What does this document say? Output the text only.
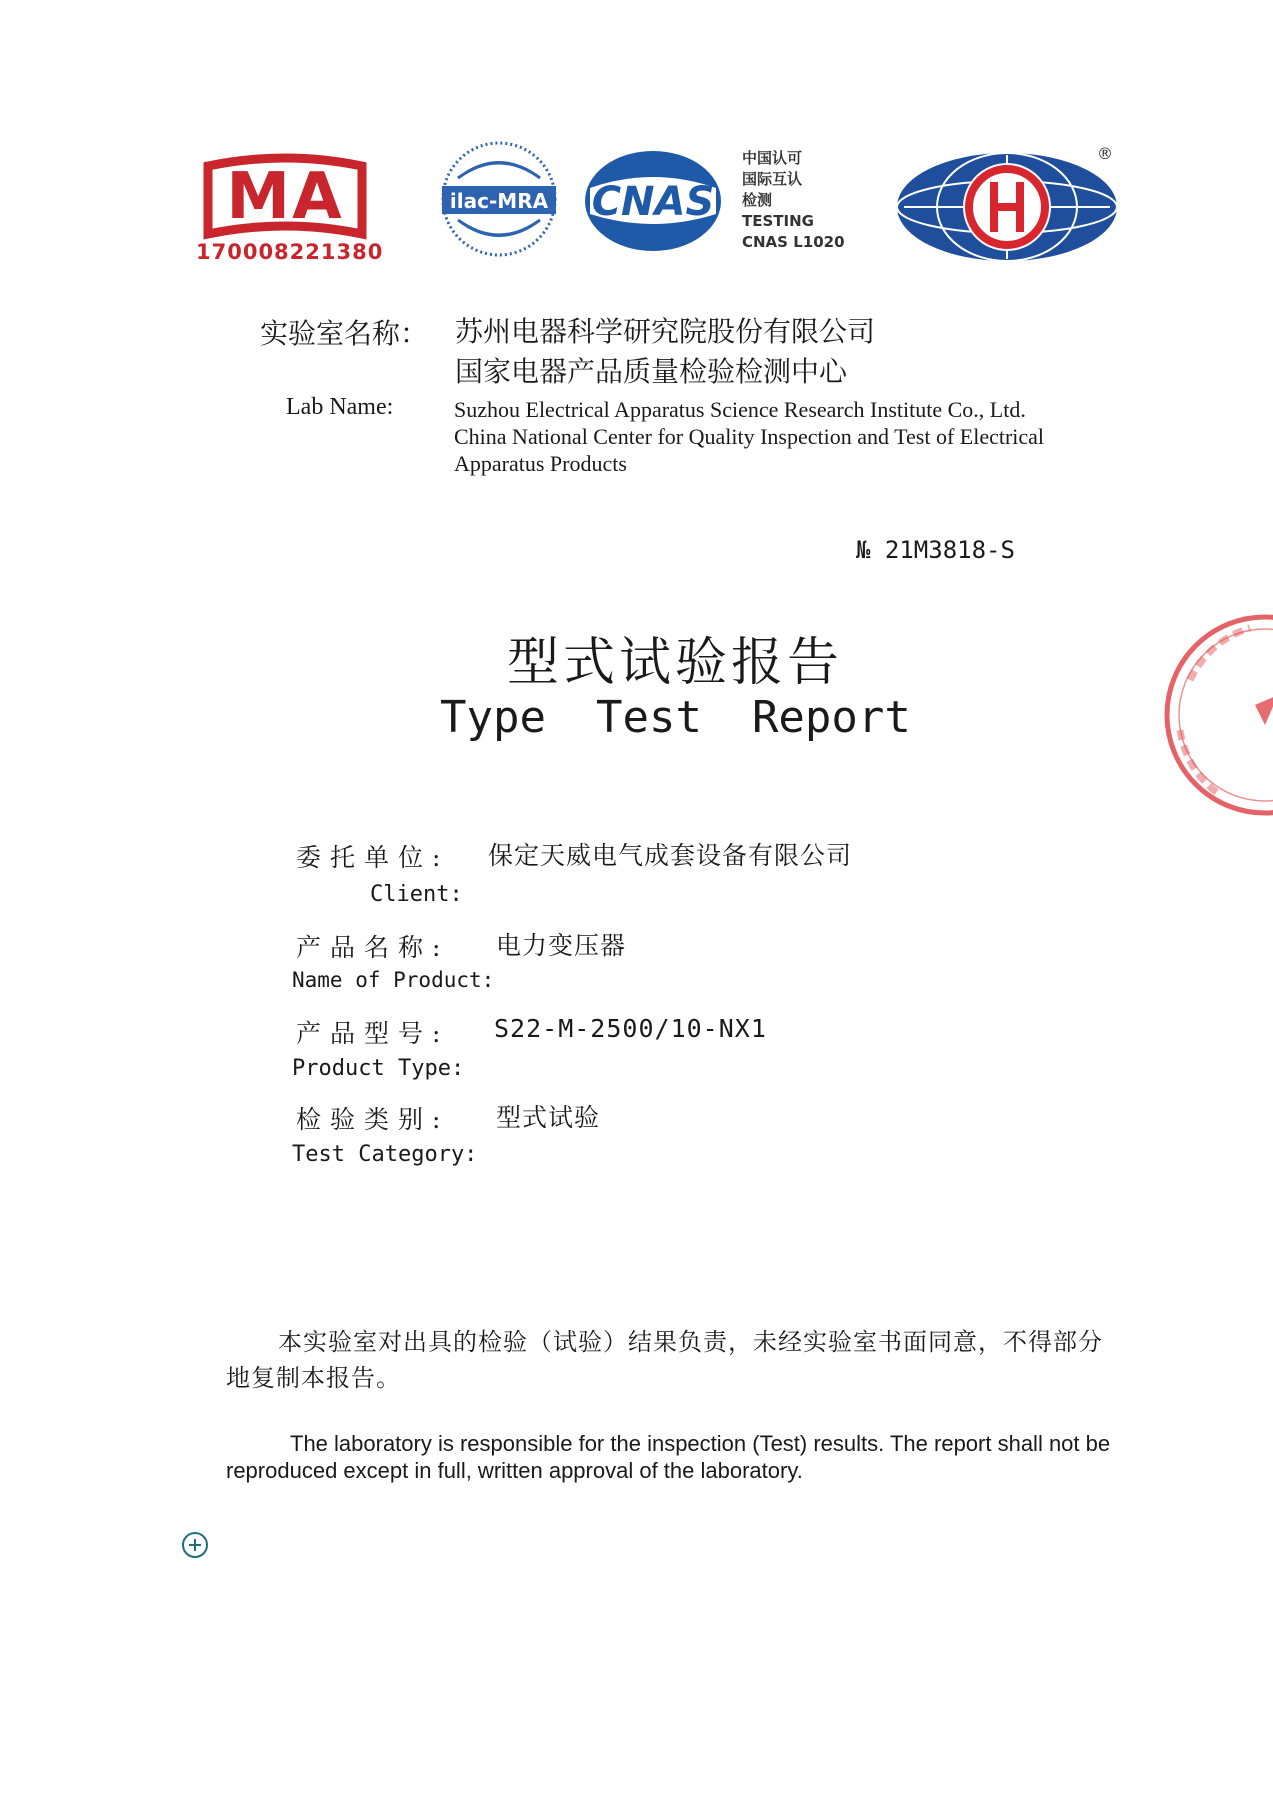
MA
170008221380
ilac-MRA CNAS
中国认可
国际互认
检测
TESTING
CNAS L1020
®
实验室名称： 苏州电器科学研究院股份有限公司
国家电器产品质量检验检测中心
Lab Name:	Suzhou Electrical Apparatus Science Research Institute Co., Ltd.
China National Center for Quality Inspection and Test of Electrical
Apparatus Products
№ 21M3818-S
型式试验报告
Type Test Report
委托单位: 保定天威电气成套设备有限公司
Client:
产品名称: 电力变压器
Name of Product:
产品型号: S22-M-2500/10-NX1
Product Type:
检验类别: 型式试验
Test Category:
本实验室对出具的检验（试验）结果负责，未经实验室书面同意，不得部分地复制本报告。
The laboratory is responsible for the inspection (Test) results. The report shall not be reproduced except in full, written approval of the laboratory.
